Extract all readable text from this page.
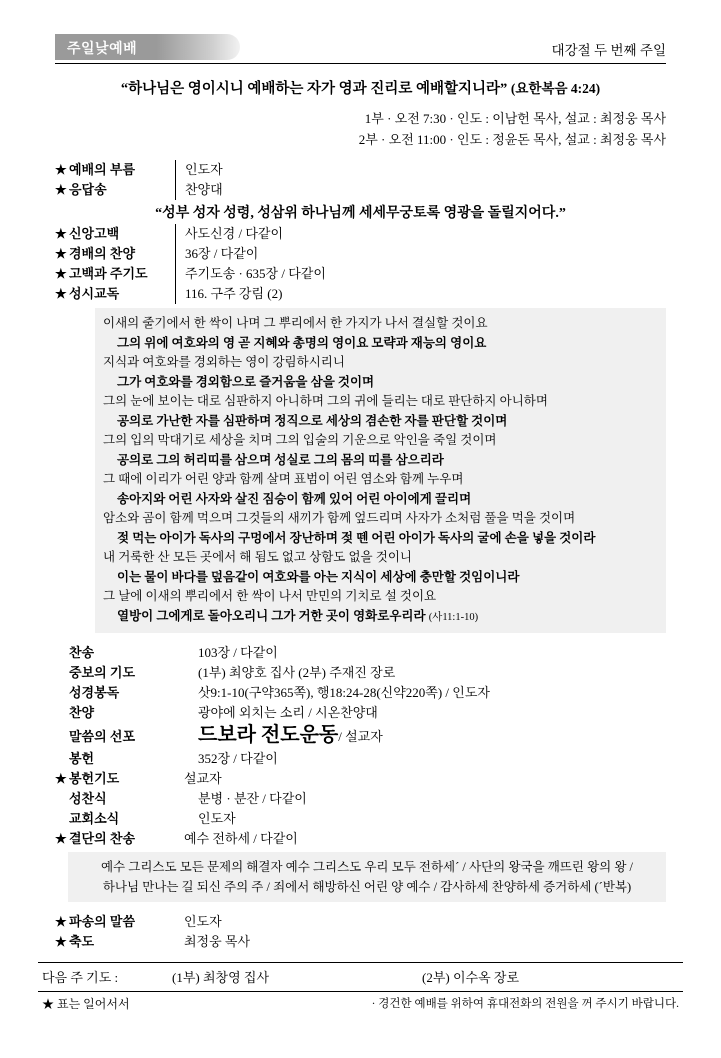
주일낮예배	대강절 두 번째 주일
“하나님은 영이시니 예배하는 자가 영과 진리로 예배할지니라” (요한복음 4:24)
1부 · 오전 7:30 · 인도 : 이남헌 목사, 설교 : 최정웅 목사
2부 · 오전 11:00 · 인도 : 정윤돈 목사, 설교 : 최정웅 목사
★ 예배의 부름	인도자
★ 응답송	찬양대
“성부 성자 성령, 성삼위 하나님께 세세무궁토록 영광을 돌릴지어다.”
★ 신앙고백	사도신경 / 다같이
★ 경배의 찬양	36장 / 다같이
★ 고백과 주기도	주기도송 · 635장 / 다같이
★ 성시교독	116. 구주 강림 (2)

이새의 줄기에서 한 싹이 나며 그 뿌리에서 한 가지가 나서 결실할 것이요

그의 위에 여호와의 영 곧 지혜와 총명의 영이요 모략과 재능의 영이요

지식과 여호와를 경외하는 영이 강림하시리니

그가 여호와를 경외함으로 즐거움을 삼을 것이며

그의 눈에 보이는 대로 심판하지 아니하며 그의 귀에 들리는 대로 판단하지 아니하며

공의로 가난한 자를 심판하며 정직으로 세상의 겸손한 자를 판단할 것이며

그의 입의 막대기로 세상을 치며 그의 입술의 기운으로 악인을 죽일 것이며

공의로 그의 허리띠를 삼으며 성실로 그의 몸의 띠를 삼으리라

그 때에 이리가 어린 양과 함께 살며 표범이 어린 염소와 함께 누우며

송아지와 어린 사자와 살진 짐승이 함께 있어 어린 아이에게 끌리며

암소와 곰이 함께 먹으며 그것들의 새끼가 함께 엎드리며 사자가 소처럼 풀을 먹을 것이며

젖 먹는 아이가 독사의 구멍에서 장난하며 젖 뗀 어린 아이가 독사의 굴에 손을 넣을 것이라

내 거룩한 산 모든 곳에서 해 됨도 없고 상함도 없을 것이니

이는 물이 바다를 덮음같이 여호와를 아는 지식이 세상에 충만할 것임이니라

그 날에 이새의 뿌리에서 한 싹이 나서 만민의 기치로 설 것이요

열방이 그에게로 돌아오리니 그가 거한 곳이 영화로우리라 (사11:1-10)

찬송	103장 / 다같이
중보의 기도	(1부) 최양호 집사 (2부) 주재진 장로
성경봉독	삿9:1-10(구약365쪽), 행18:24-28(신약220쪽) / 인도자
찬양	광야에 외치는 소리 / 시온찬양대
말씀의 선포	드보라 전도운동/ 설교자
봉헌	352장 / 다같이
★ 봉헌기도	설교자
성찬식	분병 · 분잔 / 다같이
교회소식	인도자
★ 결단의 찬송	예수 전하세 / 다같이

예수 그리스도 모든 문제의 해결자 예수 그리스도 우리 모두 전하세´ / 사단의 왕국을 깨뜨린 왕의 왕 /

하나님 만나는 길 되신 주의 주 / 죄에서 해방하신 어린 양 예수 / 감사하세 찬양하세 증거하세 (´반복)

★ 파송의 말씀	인도자
★ 축도	최정웅 목사
다음 주 기도 :	(1부) 최창영 집사	(2부) 이수옥 장로
★ 표는 일어서서	· 경건한 예배를 위하여 휴대전화의 전원을 꺼 주시기 바랍니다.
